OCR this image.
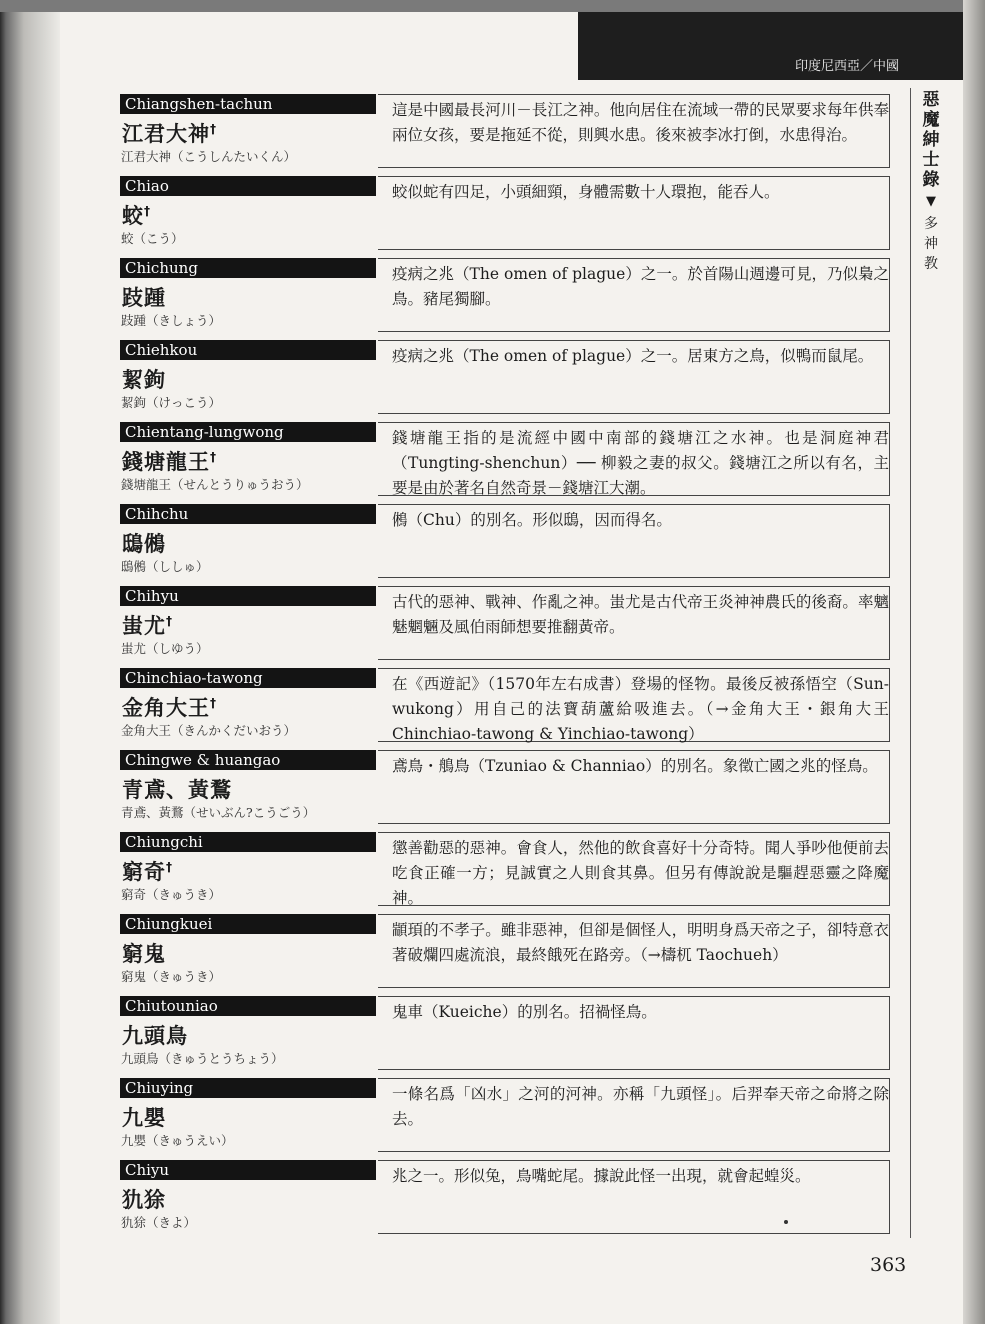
印度尼西亞／中國
惡魔紳士錄
▼
多神教
Chiangshen-tachun
江君大神†
江君大神（こうしんたいくん）
這是中國最長河川－長江之神。他向居住在流域一帶的民眾要求每年供奉兩位女孩，要是拖延不從，則興水患。後來被李冰打倒，水患得治。
Chiao
蛟†
蛟（こう）
蛟似蛇有四足，小頭細頸，身體需數十人環抱，能吞人。
Chichung
跂踵
跂踵（きしょう）
疫病之兆（The omen of plague）之一。於首陽山週邊可見，乃似梟之鳥。豬尾獨腳。
Chiehkou
絜鉤
絜鉤（けっこう）
疫病之兆（The omen of plague）之一。居東方之鳥，似鴨而鼠尾。
Chientang-lungwong
錢塘龍王†
錢塘龍王（せんとうりゅうおう）
錢塘龍王指的是流經中國中南部的錢塘江之水神。也是洞庭神君（Tungting-shenchun）── 柳毅之妻的叔父。錢塘江之所以有名，主要是由於著名自然奇景－錢塘江大潮。
Chihchu
鴟鵂
鴟鵂（ししゅ）
鵂（Chu）的別名。形似鴟，因而得名。
Chihyu
蚩尤†
蚩尤（しゆう）
古代的惡神、戰神、作亂之神。蚩尤是古代帝王炎神神農氏的後裔。率魑魅魍魎及風伯雨師想要推翻黃帝。
Chinchiao-tawong
金角大王†
金角大王（きんかくだいおう）
在《西遊記》（1570年左右成書）登場的怪物。最後反被孫悟空（Sun-wukong）用自己的法寶葫蘆給吸進去。（→金角大王・銀角大王 Chinchiao-tawong & Yinchiao-tawong）
Chingwe & huangao
青鳶、黃鶩
青鳶、黃鶩（せいぶん?こうごう）
鳶鳥・鵃鳥（Tzuniao & Channiao）的別名。象徵亡國之兆的怪鳥。
Chiungchi
窮奇†
窮奇（きゅうき）
懲善勸惡的惡神。會食人，然他的飲食喜好十分奇特。聞人爭吵他便前去吃食正確一方；見誠實之人則食其鼻。但另有傳說說是驅趕惡靈之降魔神。
Chiungkuei
窮鬼
窮鬼（きゅうき）
顓頊的不孝子。雖非惡神，但卻是個怪人，明明身爲天帝之子，卻特意衣著破爛四處流浪，最終餓死在路旁。（→檮杌 Taochueh）
Chiutouniao
九頭鳥
九頭鳥（きゅうとうちょう）
鬼車（Kueiche）的別名。招禍怪鳥。
Chiuying
九嬰
九嬰（きゅうえい）
一條名爲「凶水」之河的河神。亦稱「九頭怪」。后羿奉天帝之命將之除去。
Chiyu
犰狳
犰狳（きよ）
兆之一。形似兔，鳥嘴蛇尾。據說此怪一出現，就會起蝗災。
363
